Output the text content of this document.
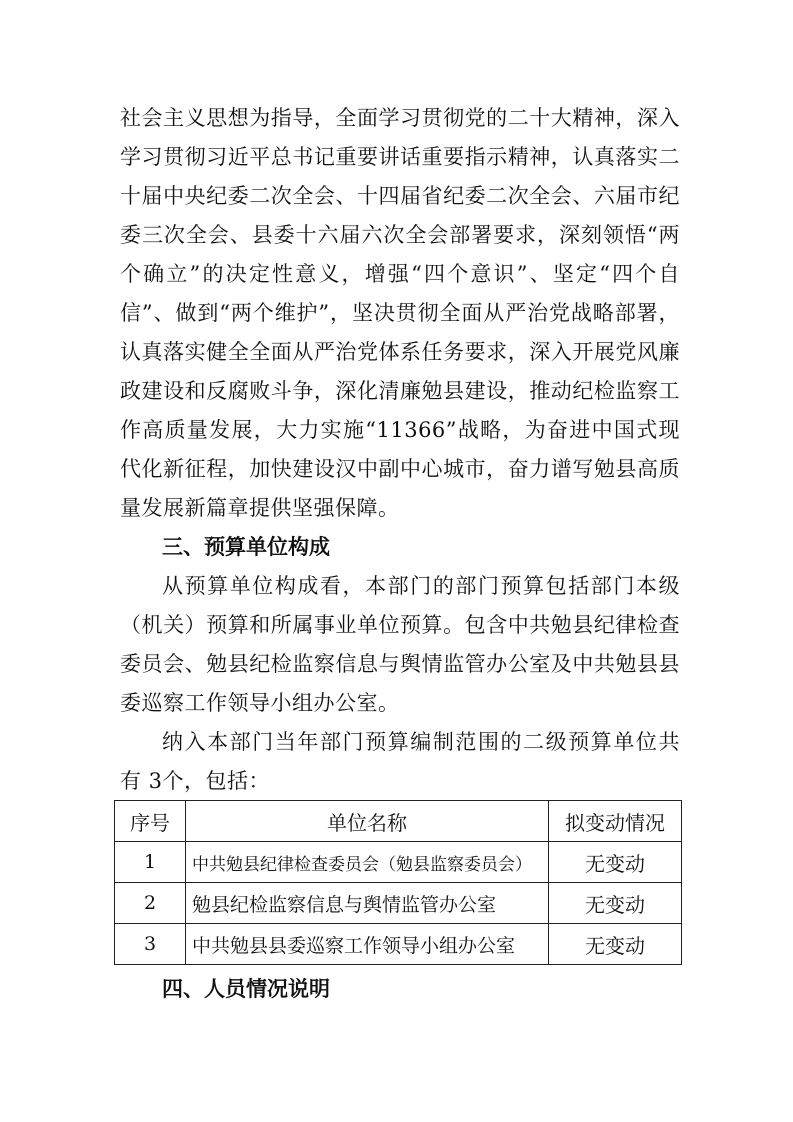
社会主义思想为指导，全面学习贯彻党的二十大精神，深入
学习贯彻习近平总书记重要讲话重要指示精神，认真落实二
十届中央纪委二次全会、十四届省纪委二次全会、六届市纪
委三次全会、县委十六届六次全会部署要求，深刻领悟“两
个确立”的决定性意义，增强“四个意识”、坚定“四个自
信”、做到“两个维护”，坚决贯彻全面从严治党战略部署，
认真落实健全全面从严治党体系任务要求，深入开展党风廉
政建设和反腐败斗争，深化清廉勉县建设，推动纪检监察工
作高质量发展，大力实施“11366”战略，为奋进中国式现
代化新征程，加快建设汉中副中心城市，奋力谱写勉县高质
量发展新篇章提供坚强保障。
三、预算单位构成
从预算单位构成看，本部门的部门预算包括部门本级
（机关）预算和所属事业单位预算。包含中共勉县纪律检查
委员会、勉县纪检监察信息与舆情监管办公室及中共勉县县
委巡察工作领导小组办公室。
纳入本部门当年部门预算编制范围的二级预算单位共
有 3个，包括：
序号	单位名称	拟变动情况
1	中共勉县纪律检查委员会（勉县监察委员会）	无变动
2	勉县纪检监察信息与舆情监管办公室	无变动
3	中共勉县县委巡察工作领导小组办公室	无变动
四、人员情况说明
